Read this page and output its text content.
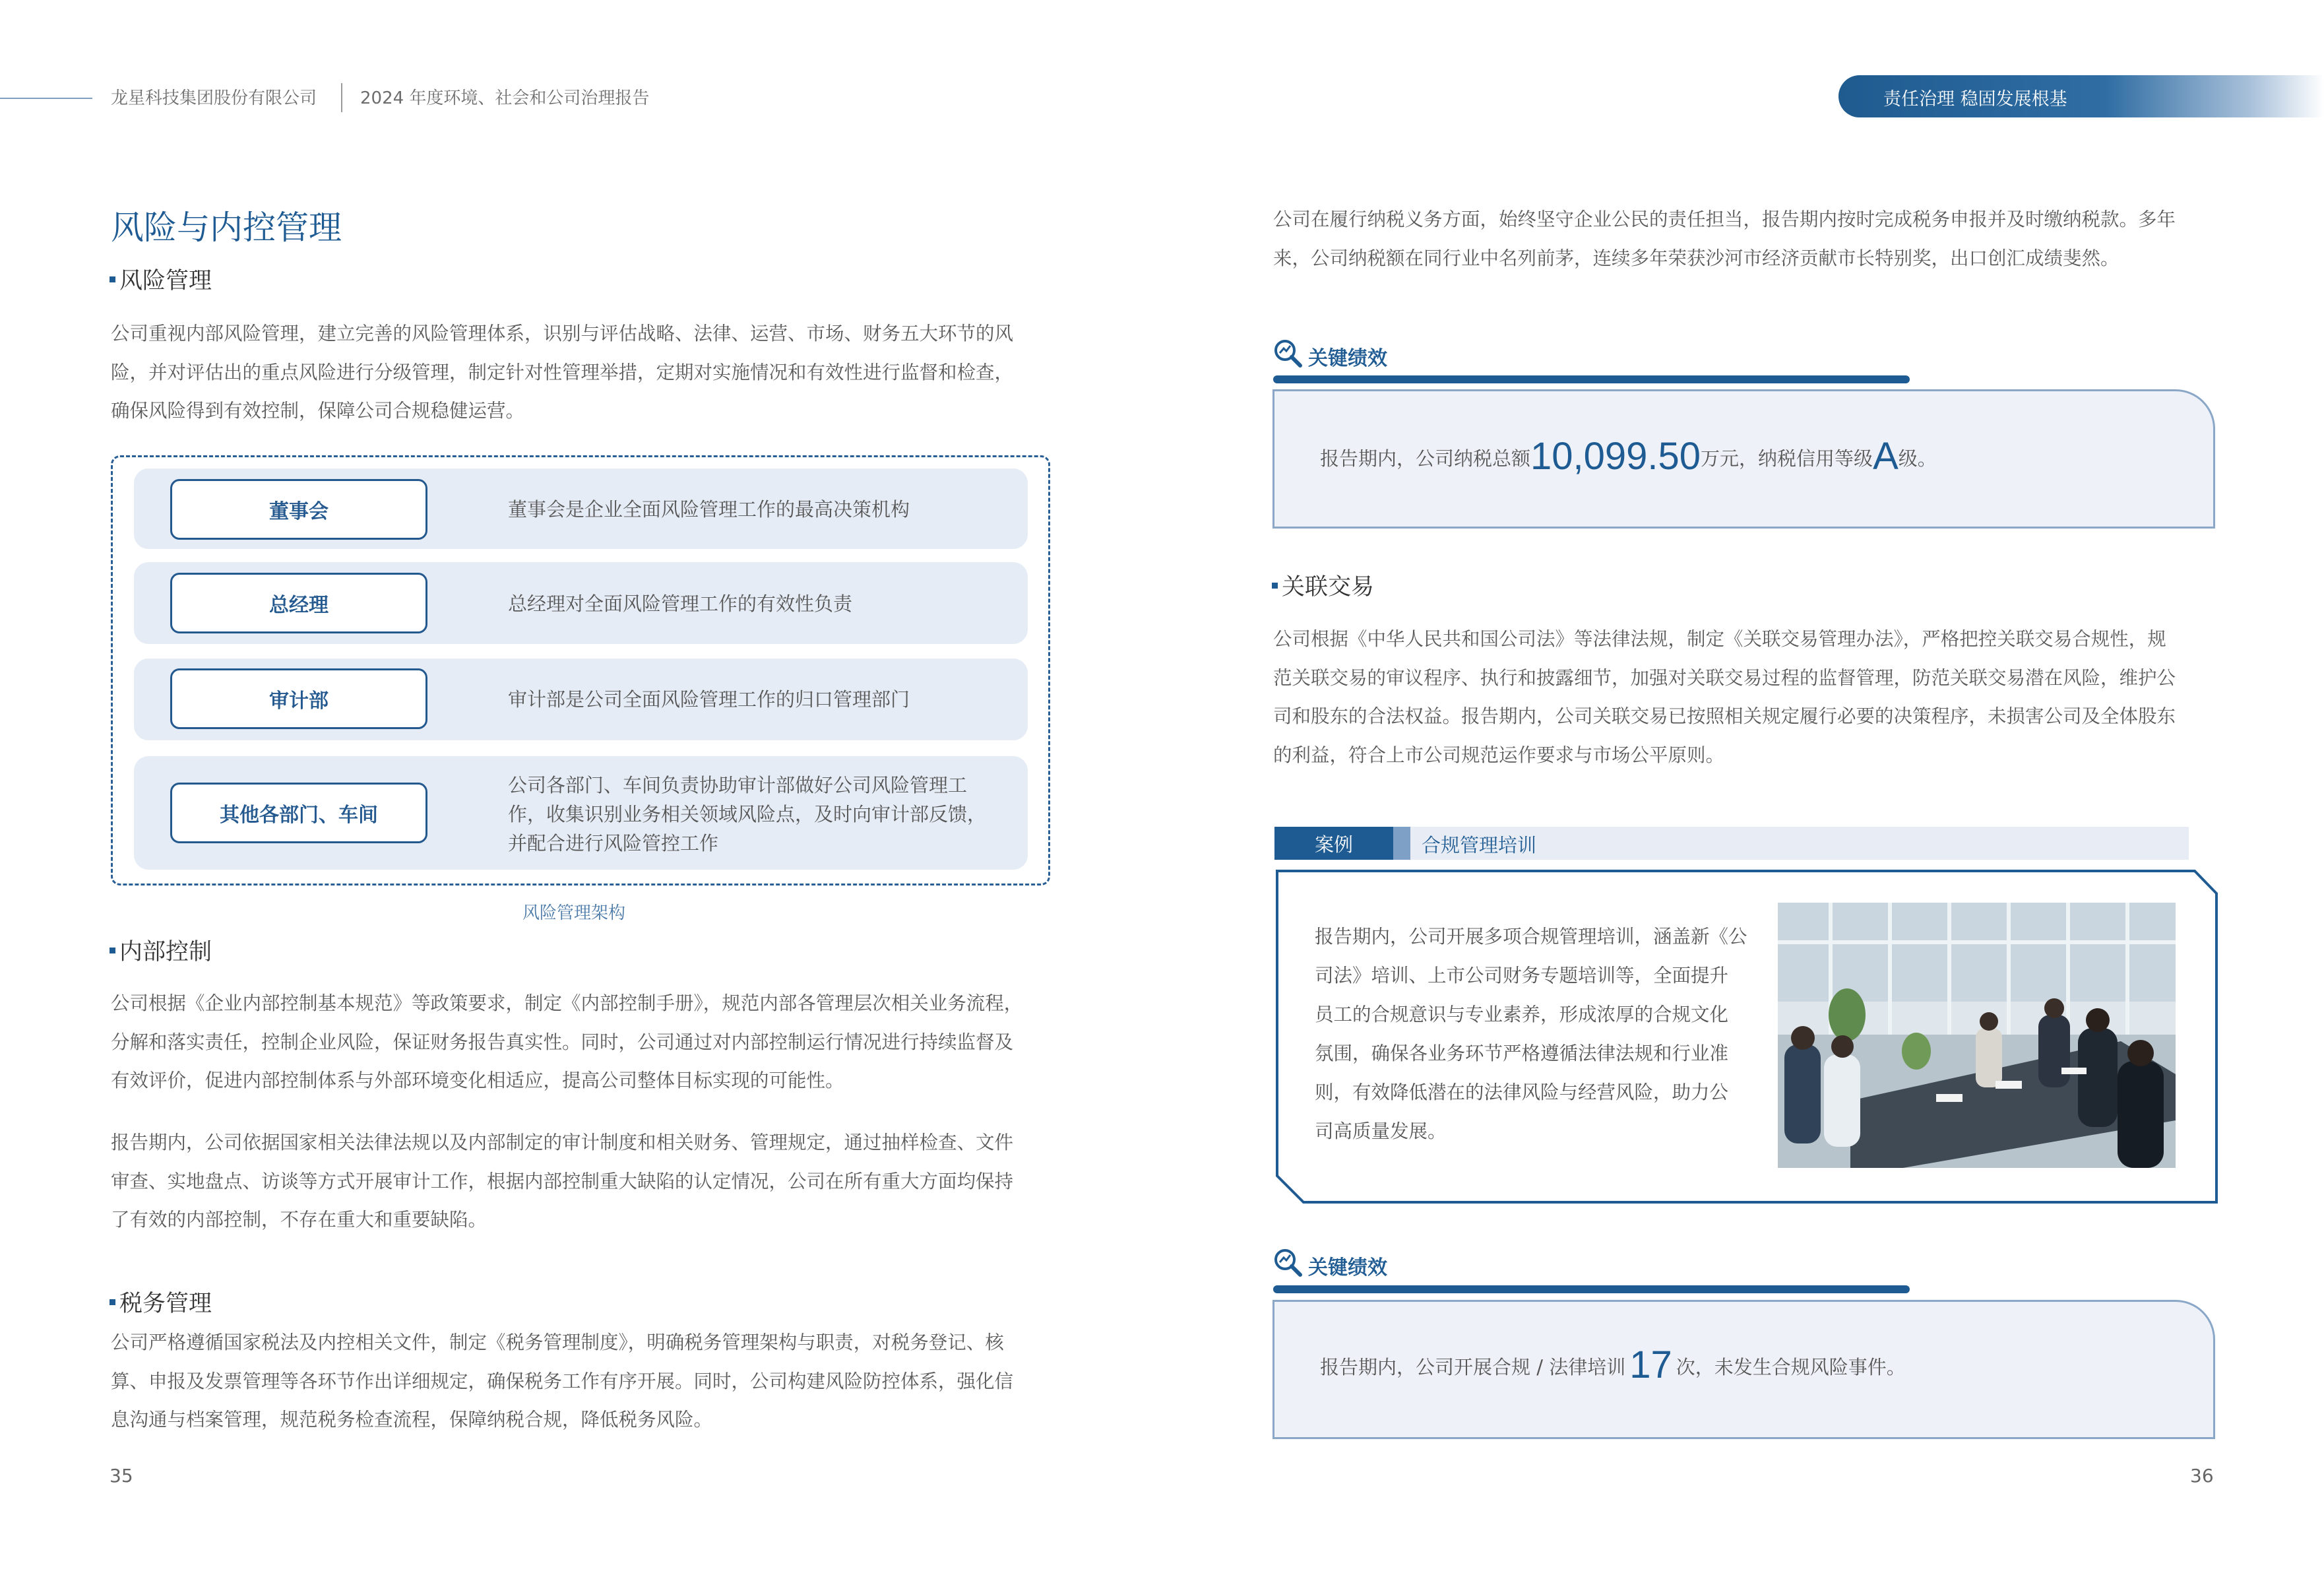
龙星科技集团股份有限公司	2024 年度环境、社会和公司治理报告	责任治理 稳固发展根基
风险与内控管理
风险管理
公司重视内部风险管理，建立完善的风险管理体系，识别与评估战略、法律、运营、市场、财务五大环节的风
险，并对评估出的重点风险进行分级管理，制定针对性管理举措，定期对实施情况和有效性进行监督和检查，
确保风险得到有效控制，保障公司合规稳健运营。
董事会	董事会是企业全面风险管理工作的最高决策机构
总经理	总经理对全面风险管理工作的有效性负责
审计部	审计部是公司全面风险管理工作的归口管理部门
其他各部门、车间
公司各部门、车间负责协助审计部做好公司风险管理工
作，收集识别业务相关领域风险点，及时向审计部反馈，
并配合进行风险管控工作
风险管理架构
内部控制
公司根据《企业内部控制基本规范》等政策要求，制定《内部控制手册》，规范内部各管理层次相关业务流程，
分解和落实责任，控制企业风险，保证财务报告真实性。同时，公司通过对内部控制运行情况进行持续监督及
有效评价，促进内部控制体系与外部环境变化相适应，提高公司整体目标实现的可能性。
报告期内，公司依据国家相关法律法规以及内部制定的审计制度和相关财务、管理规定，通过抽样检查、文件
审查、实地盘点、访谈等方式开展审计工作，根据内部控制重大缺陷的认定情况，公司在所有重大方面均保持
了有效的内部控制，不存在重大和重要缺陷。
税务管理
公司严格遵循国家税法及内控相关文件，制定《税务管理制度》，明确税务管理架构与职责，对税务登记、核
算、申报及发票管理等各环节作出详细规定，确保税务工作有序开展。同时，公司构建风险防控体系，强化信
息沟通与档案管理，规范税务检查流程，保障纳税合规，降低税务风险。
35
公司在履行纳税义务方面，始终坚守企业公民的责任担当，报告期内按时完成税务申报并及时缴纳税款。多年
来，公司纳税额在同行业中名列前茅，连续多年荣获沙河市经济贡献市长特别奖，出口创汇成绩斐然。
关键绩效
报告期内，公司纳税总额10,099.50万元，纳税信用等级A级。
关联交易
公司根据《中华人民共和国公司法》等法律法规，制定《关联交易管理办法》，严格把控关联交易合规性，规
范关联交易的审议程序、执行和披露细节，加强对关联交易过程的监督管理，防范关联交易潜在风险，维护公
司和股东的合法权益。报告期内，公司关联交易已按照相关规定履行必要的决策程序，未损害公司及全体股东
的利益，符合上市公司规范运作要求与市场公平原则。
案例	合规管理培训
报告期内，公司开展多项合规管理培训，涵盖新《公
司法》培训、上市公司财务专题培训等，全面提升
员工的合规意识与专业素养，形成浓厚的合规文化
氛围，确保各业务环节严格遵循法律法规和行业准
则，有效降低潜在的法律风险与经营风险，助力公
司高质量发展。
关键绩效
报告期内，公司开展合规 / 法律培训 17 次，未发生合规风险事件。
36
